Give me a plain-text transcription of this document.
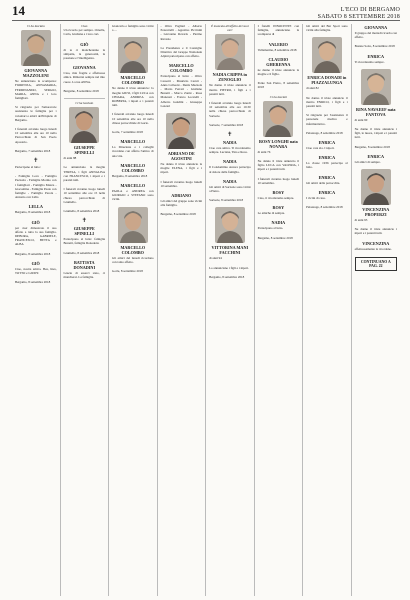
14	L'ECO DI BERGAMO
SABATO 8 SETTEMBRE 2018
Ci ha lasciato
GIOVANNA MAZZOLENI
Ne annunciano la scomparsa: FIORENZA, ANNAMARIA, FERDINANDO, SERGIO, MARIA, ANNA e i loro famigliari.
Si ringrazia per l'amorevole assistenza le famiglie per i volontari e amici dell'Ospizio di Bergamo.
I funerali avranno luogo lunedì 10 settembre alle ore 10 nella Parrocchiale di San Paolo Apostolo.
Bergamo, 7 settembre 2018
✝
Partecipano al lutto:
- Famiglia Lovo - Famiglia Pezzotta - Famiglia Morino con i famigliari - Famiglia Mazza - Giacomina - Famiglia Paolo con famiglie - Famiglia Perola - Antonio con Lidia
LELLA
Bergamo, 8 settembre 2018
GIÒ
per aver dimostrato il suo affetto a tutta la sua famiglia. DEBORA, GABRIELE, FRANCESCO, BETTA e ALBA
Bergamo, 8 settembre 2018
GIÒ
Ciao, nostra amica. Bea, Ines, TOTTO e GIUDY.
Bergamo, 8 settembre 2018
Ciao
Un ricordo per sempre. Ornella, Carla, Giuliana e i loro cari.
GIÒ
di te ci mancheranno la simpatia, la generosità, la passione e l'intelligenza.
GIOVANNA
Ciao, mia fragile e affettuosa amica. Rimarrai sempre nel mio cuore. La tua ANNA.
Bergamo, 8 settembre 2018
Ci ha lasciato
GIUSEPPE SPINELLI
di anni 88
Lo annunciano la moglie TERESA, i figli ANNALISA con FRANCESCO, i nipoti e i parenti tutti.
I funerali avranno luogo lunedì 10 settembre alle ore 15 nella chiesa parrocchiale di Grumello.
Grumello, 8 settembre 2018
✝
GIUSEPPE SPINELLI
Partecipano al lutto: famiglia Bonetti, famiglia Donadoni.
Grumello, 8 settembre 2018
BATTISTA DONADINI
Grazie di esserci stato, ci mancherai. La famiglia.
Giancarlo e famiglia sono vicini a ...
MARCELLO COLOMBO
Ne danno il triste annuncio: la moglie GIUSI, i figli LUCA con CHIARA, ANDREA con ROBERTA, i nipoti e i parenti tutti.
I funerali avranno luogo lunedì 10 settembre alle ore 10 nella chiesa parrocchiale di Gorle.
Gorle, 7 settembre 2018
MARCELLO
La Direzione e i colleghi ricordano con affetto l'amico di una vita.
MARCELLO COLOMBO
Bergamo, 8 settembre 2018
MARCELLO
PAOLA e ANDREA con GIORGIO e STEFANO sono vicini.
MARCELLO COLOMBO
Gli amici del lunedì ricordano con tanto affetto.
Gorle, 8 settembre 2018
- Olivo Pagliari - Alberto Pezzottelli - Agostino Piccinini - Giovanna Rovaris - Pierino Ravasio
La Presidenza e il Consiglio Direttivo del Gruppo Nazionale Alpini partecipano con affetto.
MARCELLO COLOMBO
Partecipano al lutto: - Olivo Cassotti - Maurizio Ceruti - Anna Colleoni - Denis Mazzola - Mario Ferrari - Giuliano Bonetti - Marco Zanni - Rosa Manzoni - Franco Locatelli - Alberto Gandini - Giuseppe Lazzari
ADRIANO DE AGOSTINI
Ne danno il triste annuncio la moglie ELENA, i figli e i nipoti.
I funerali avranno luogo lunedì 10 settembre.
ADRIANO
Gli amici del gruppo sono vicini alla famiglia.
Bergamo, 8 settembre 2018
È mancata all'affetto dei suoi cari
NADIA CRIPPA in ZENOGLIO
Ne danno il triste annuncio il marito PIETRO, i figli e i parenti tutti.
I funerali avranno luogo lunedì 10 settembre alle ore 10.30 nella chiesa parrocchiale di Sorisole.
Sorisole, 7 settembre 2018
✝
NADIA
Ciao cara amica. Ti ricorderemo sempre. Luciana, Tina e Rosa.
NADIA
Il Condominio Aurora partecipa al dolore della famiglia.
NADIA
Gli amici di Sorisole sono vicini a Pietro.
Sorisole, 8 settembre 2018
VITTORINA MANI FACCHINI
di anni 94
Lo annunciano i figli e i nipoti.
Bergamo, 8 settembre 2018
I fratelli INNOCENTE con famiglie, annunciano la scomparsa di
VALERIO
Vallemarina, 8 settembre 2018
CLAUDIO GHERENNA
ne danno il triste annuncio la moglie e il figlio.
Ponte San Pietro, 8 settembre 2018
Ci ha lasciati
ROSY LONGHI nata NOVARA
di anni 76
Ne danno il triste annuncio il figlio LUCA con VALERIA, i nipoti e i parenti tutti.
I funerali avranno luogo lunedì 10 settembre.
ROSY
Ciao, ti ricorderemo sempre.
ROSY
Le amiche di sempre.
NADIA
Partecipano al lutto.
Bergamo, 8 settembre 2018
Gli amici del Bar Sport sono vicini alla famiglia.
ENRICA DONADI in PIAZZALUNGA
di anni 82
Ne danno il triste annuncio il marito ENRICO, i figli e i parenti tutti.
Si ringrazia per l'assistenza il personale medico e infermieristico.
Palazzago, 8 settembre 2018
ENRICA
Ciao cara zia. I nipoti.
ENRICA
La classe 1936 partecipa al lutto.
ENRICA
Gli amici della parrocchia.
ENRICA
I vicini di casa.
Palazzago, 8 settembre 2018
GIOVANNA
Il gruppo del martedì ricorda con affetto.
Bonate Sotto, 8 settembre 2018
ENRICA
Ti ricorderemo sempre.
RINA NAVAEEF nata FANTOVA
di anni 90
Ne danno il triste annuncio i figli, le nuore, i nipoti e i parenti tutti.
Bergamo, 8 settembre 2018
ENRICA
Gli amici di sempre.
VINCENZINA PROPERZI
di anni 93
Ne danno il triste annuncio i nipoti e i parenti tutti.
VINCENZINA
affettuosamente la ricordano.
CONTINUANO A PAG. 22
